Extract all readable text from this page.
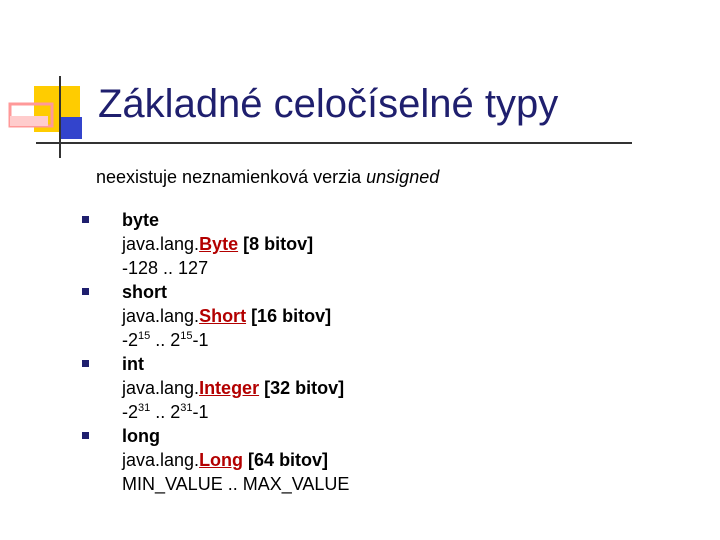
Základné celočíselné typy
neexistuje neznamienková verzia unsigned
byte
java.lang.Byte [8 bitov]
-128 .. 127
short
java.lang.Short [16 bitov]
$-2^{15}$ .. $2^{15}-1$
int
java.lang.Integer [32 bitov]
$-2^{31}$ .. $2^{31}-1$
long
java.lang.Long [64 bitov]
MIN_VALUE .. MAX_VALUE
